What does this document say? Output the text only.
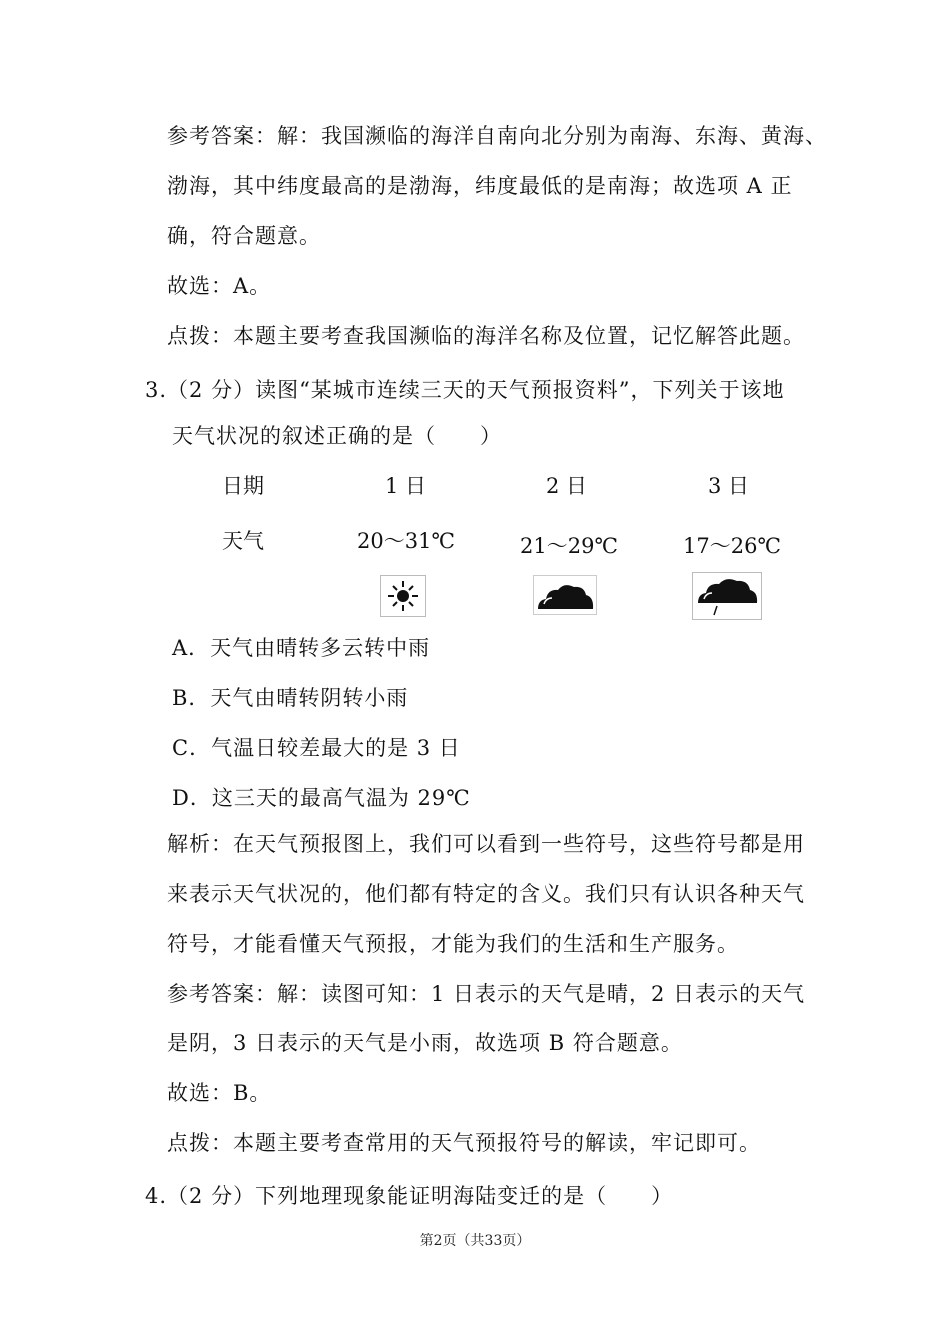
参考答案：解：我国濒临的海洋自南向北分别为南海、东海、黄海、
渤海，其中纬度最高的是渤海，纬度最低的是南海；故选项 A 正
确，符合题意。
故选：A。
点拨：本题主要考查我国濒临的海洋名称及位置，记忆解答此题。
3.（2 分）读图“某城市连续三天的天气预报资料”，下列关于该地
天气状况的叙述正确的是（　　）
日期	1 日	2 日	3 日
天气	20～31℃	21～29℃	17～26℃
A．天气由晴转多云转中雨
B．天气由晴转阴转小雨
C．气温日较差最大的是 3 日
D．这三天的最高气温为 29℃
解析：在天气预报图上，我们可以看到一些符号，这些符号都是用
来表示天气状况的，他们都有特定的含义。我们只有认识各种天气
符号，才能看懂天气预报，才能为我们的生活和生产服务。
参考答案：解：读图可知：1 日表示的天气是晴，2 日表示的天气
是阴，3 日表示的天气是小雨，故选项 B 符合题意。
故选：B。
点拨：本题主要考查常用的天气预报符号的解读，牢记即可。
4.（2 分）下列地理现象能证明海陆变迁的是（　　）
第2页（共33页）
